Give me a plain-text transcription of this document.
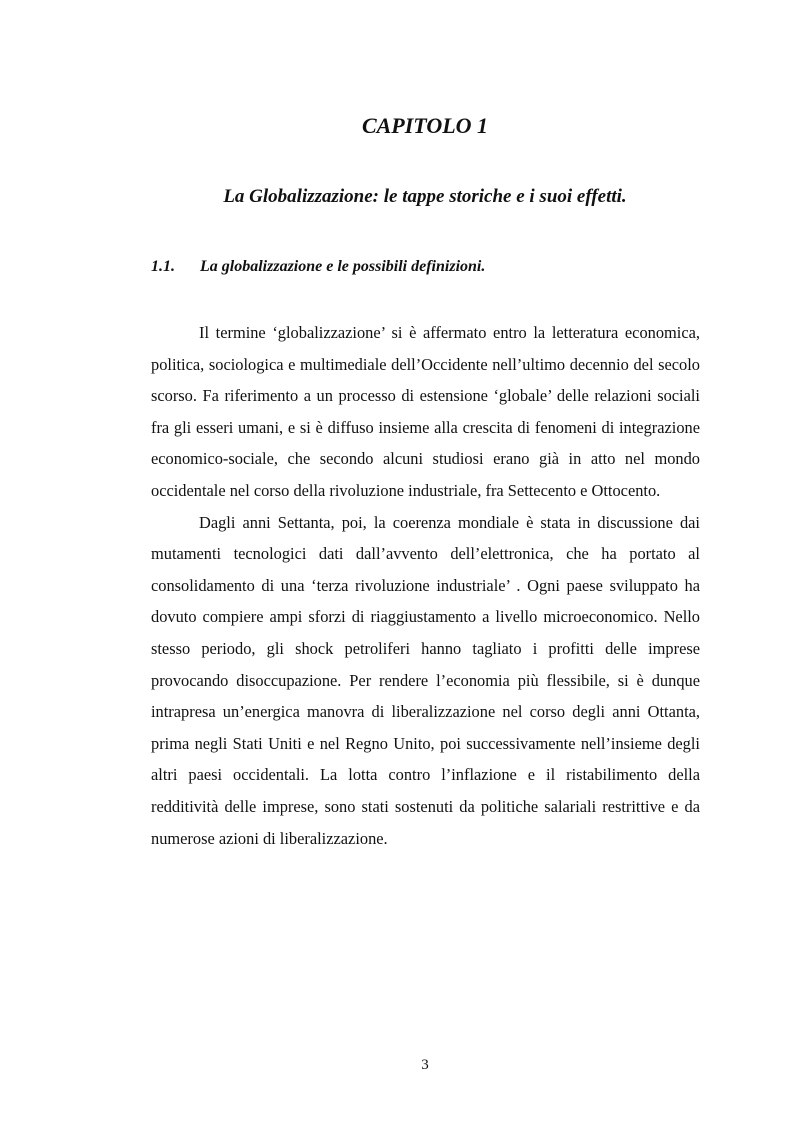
CAPITOLO 1
La Globalizzazione: le tappe storiche e i suoi effetti.
1.1. La globalizzazione e le possibili definizioni.

Il termine ‘globalizzazione’ si è affermato entro la letteratura economica, politica, sociologica e multimediale dell’Occidente nell’ultimo decennio del secolo scorso. Fa riferimento a un processo di estensione ‘globale’ delle relazioni sociali fra gli esseri umani, e si è diffuso insieme alla crescita di fenomeni di integrazione economico-sociale, che secondo alcuni studiosi erano già in atto nel mondo occidentale nel corso della rivoluzione industriale, fra Settecento e Ottocento.

Dagli anni Settanta, poi, la coerenza mondiale è stata in discussione dai mutamenti tecnologici dati dall’avvento dell’elettronica, che ha portato al consolidamento di una ‘terza rivoluzione industriale’ . Ogni paese sviluppato ha dovuto compiere ampi sforzi di riaggiustamento a livello microeconomico. Nello stesso periodo, gli shock petroliferi hanno tagliato i profitti delle imprese provocando disoccupazione. Per rendere l’economia più flessibile, si è dunque intrapresa un’energica manovra di liberalizzazione nel corso degli anni Ottanta, prima negli Stati Uniti e nel Regno Unito, poi successivamente nell’insieme degli altri paesi occidentali. La lotta contro l’inflazione e il ristabilimento della redditività delle imprese, sono stati sostenuti da politiche salariali restrittive e da numerose azioni di liberalizzazione.

3
